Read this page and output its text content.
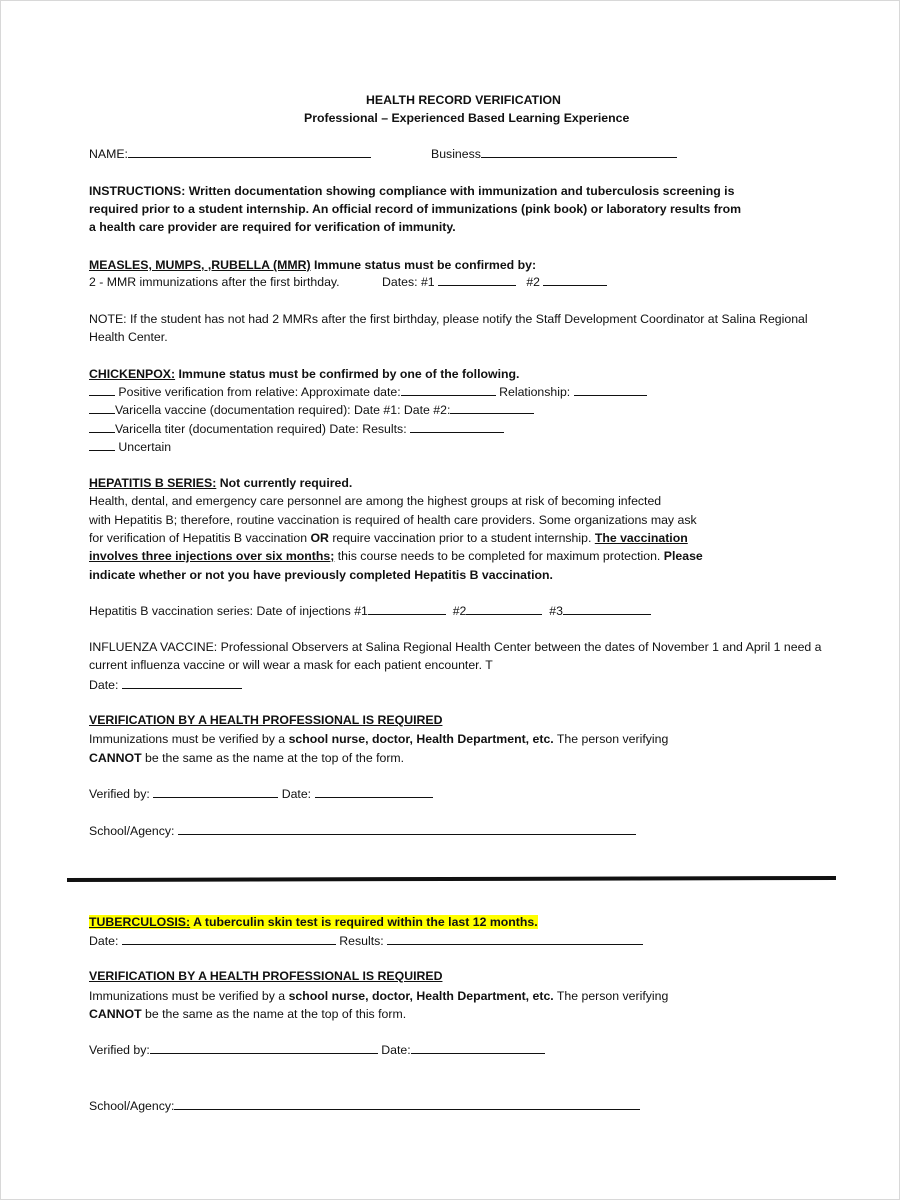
HEALTH RECORD VERIFICATION
Professional – Experienced Based Learning Experience
NAME:	Business
INSTRUCTIONS: Written documentation showing compliance with immunization and tuberculosis screening is
required prior to a student internship. An official record of immunizations (pink book) or laboratory results from
a health care provider are required for verification of immunity.
MEASLES, MUMPS, ,RUBELLA (MMR) Immune status must be confirmed by:
2 - MMR immunizations after the first birthday.	Dates: #1	#2
NOTE: If the student has not had 2 MMRs after the first birthday, please notify the Staff Development Coordinator at Salina Regional
Health Center.
CHICKENPOX: Immune status must be confirmed by one of the following.
Positive verification from relative: Approximate date:	Relationship:
Varicella vaccine (documentation required): Date #1: Date #2:
Varicella titer (documentation required) Date: Results:
Uncertain
HEPATITIS B SERIES: Not currently required.
Health, dental, and emergency care personnel are among the highest groups at risk of becoming infected
with Hepatitis B; therefore, routine vaccination is required of health care providers. Some organizations may ask
for verification of Hepatitis B vaccination OR require vaccination prior to a student internship. The vaccination
involves three injections over six months; this course needs to be completed for maximum protection. Please
indicate whether or not you have previously completed Hepatitis B vaccination.
Hepatitis B vaccination series: Date of injections #1	#2	#3
INFLUENZA VACCINE: Professional Observers at Salina Regional Health Center between the dates of November 1 and April 1 need a
current influenza vaccine or will wear a mask for each patient encounter. T
Date:
VERIFICATION BY A HEALTH PROFESSIONAL IS REQUIRED
Immunizations must be verified by a school nurse, doctor, Health Department, etc. The person verifying
CANNOT be the same as the name at the top of the form.
Verified by:	Date:
School/Agency:
TUBERCULOSIS: A tuberculin skin test is required within the last 12 months.
Date:	Results:
VERIFICATION BY A HEALTH PROFESSIONAL IS REQUIRED
Immunizations must be verified by a school nurse, doctor, Health Department, etc. The person verifying
CANNOT be the same as the name at the top of this form.
Verified by:	Date:
School/Agency:
